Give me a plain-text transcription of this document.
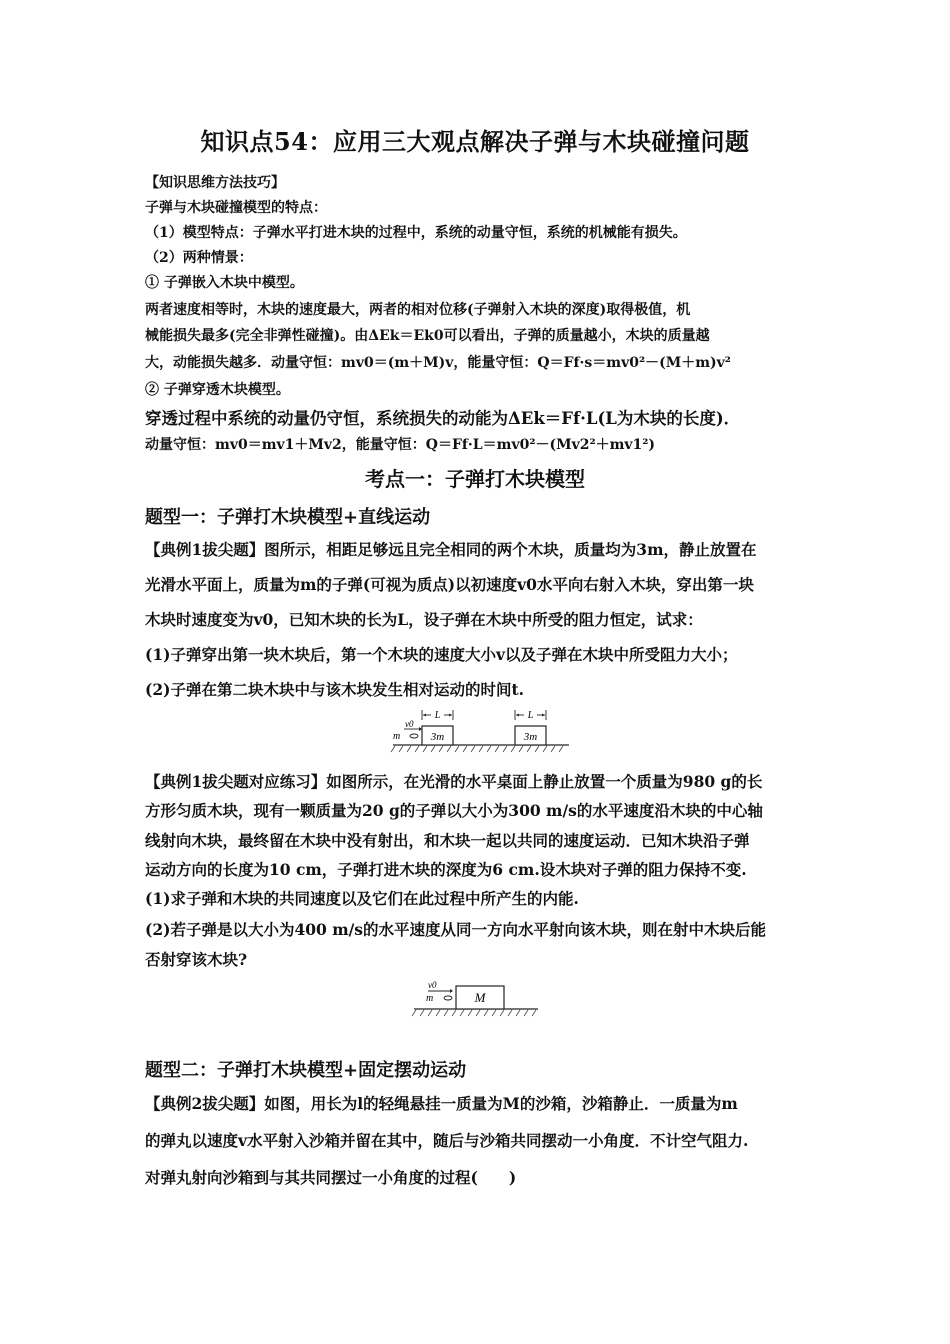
知识点54：应用三大观点解决子弹与木块碰撞问题
【知识思维方法技巧】
子弹与木块碰撞模型的特点：
（1）模型特点：子弹水平打进木块的过程中，系统的动量守恒，系统的机械能有损失。
（2）两种情景：
① 子弹嵌入木块中模型。
两者速度相等时，木块的速度最大，两者的相对位移(子弹射入木块的深度)取得极值，机
械能损失最多(完全非弹性碰撞)。由ΔEk＝Ek0可以看出，子弹的质量越小，木块的质量越
大，动能损失越多．动量守恒：mv0＝(m＋M)v，能量守恒：Q＝Ff·s＝mv0²－(M＋m)v²
② 子弹穿透木块模型。
穿透过程中系统的动量仍守恒，系统损失的动能为ΔEk＝Ff·L(L为木块的长度)．
动量守恒：mv0＝mv1＋Mv2，能量守恒：Q＝Ff·L＝mv0²－(Mv2²＋mv1²)
考点一：子弹打木块模型
题型一：子弹打木块模型+直线运动
【典例1拔尖题】图所示，相距足够远且完全相同的两个木块，质量均为3m，静止放置在
光滑水平面上，质量为m的子弹(可视为质点)以初速度v0水平向右射入木块，穿出第一块
木块时速度变为v0，已知木块的长为L，设子弹在木块中所受的阻力恒定，试求：
(1)子弹穿出第一块木块后，第一个木块的速度大小v以及子弹在木块中所受阻力大小；
(2)子弹在第二块木块中与该木块发生相对运动的时间t.
3m	3m
v0
m
L	L
【典例1拔尖题对应练习】如图所示，在光滑的水平桌面上静止放置一个质量为980 g的长
方形匀质木块，现有一颗质量为20 g的子弹以大小为300 m/s的水平速度沿木块的中心轴
线射向木块，最终留在木块中没有射出，和木块一起以共同的速度运动．已知木块沿子弹
运动方向的长度为10 cm，子弹打进木块的深度为6 cm.设木块对子弹的阻力保持不变.
(1)求子弹和木块的共同速度以及它们在此过程中所产生的内能.
(2)若子弹是以大小为400 m/s的水平速度从同一方向水平射向该木块，则在射中木块后能
否射穿该木块?
M
v0
m
题型二：子弹打木块模型+固定摆动运动
【典例2拔尖题】如图，用长为l的轻绳悬挂一质量为M的沙箱，沙箱静止．一质量为m
的弹丸以速度v水平射入沙箱并留在其中，随后与沙箱共同摆动一小角度．不计空气阻力.
对弹丸射向沙箱到与其共同摆过一小角度的过程(　　)
